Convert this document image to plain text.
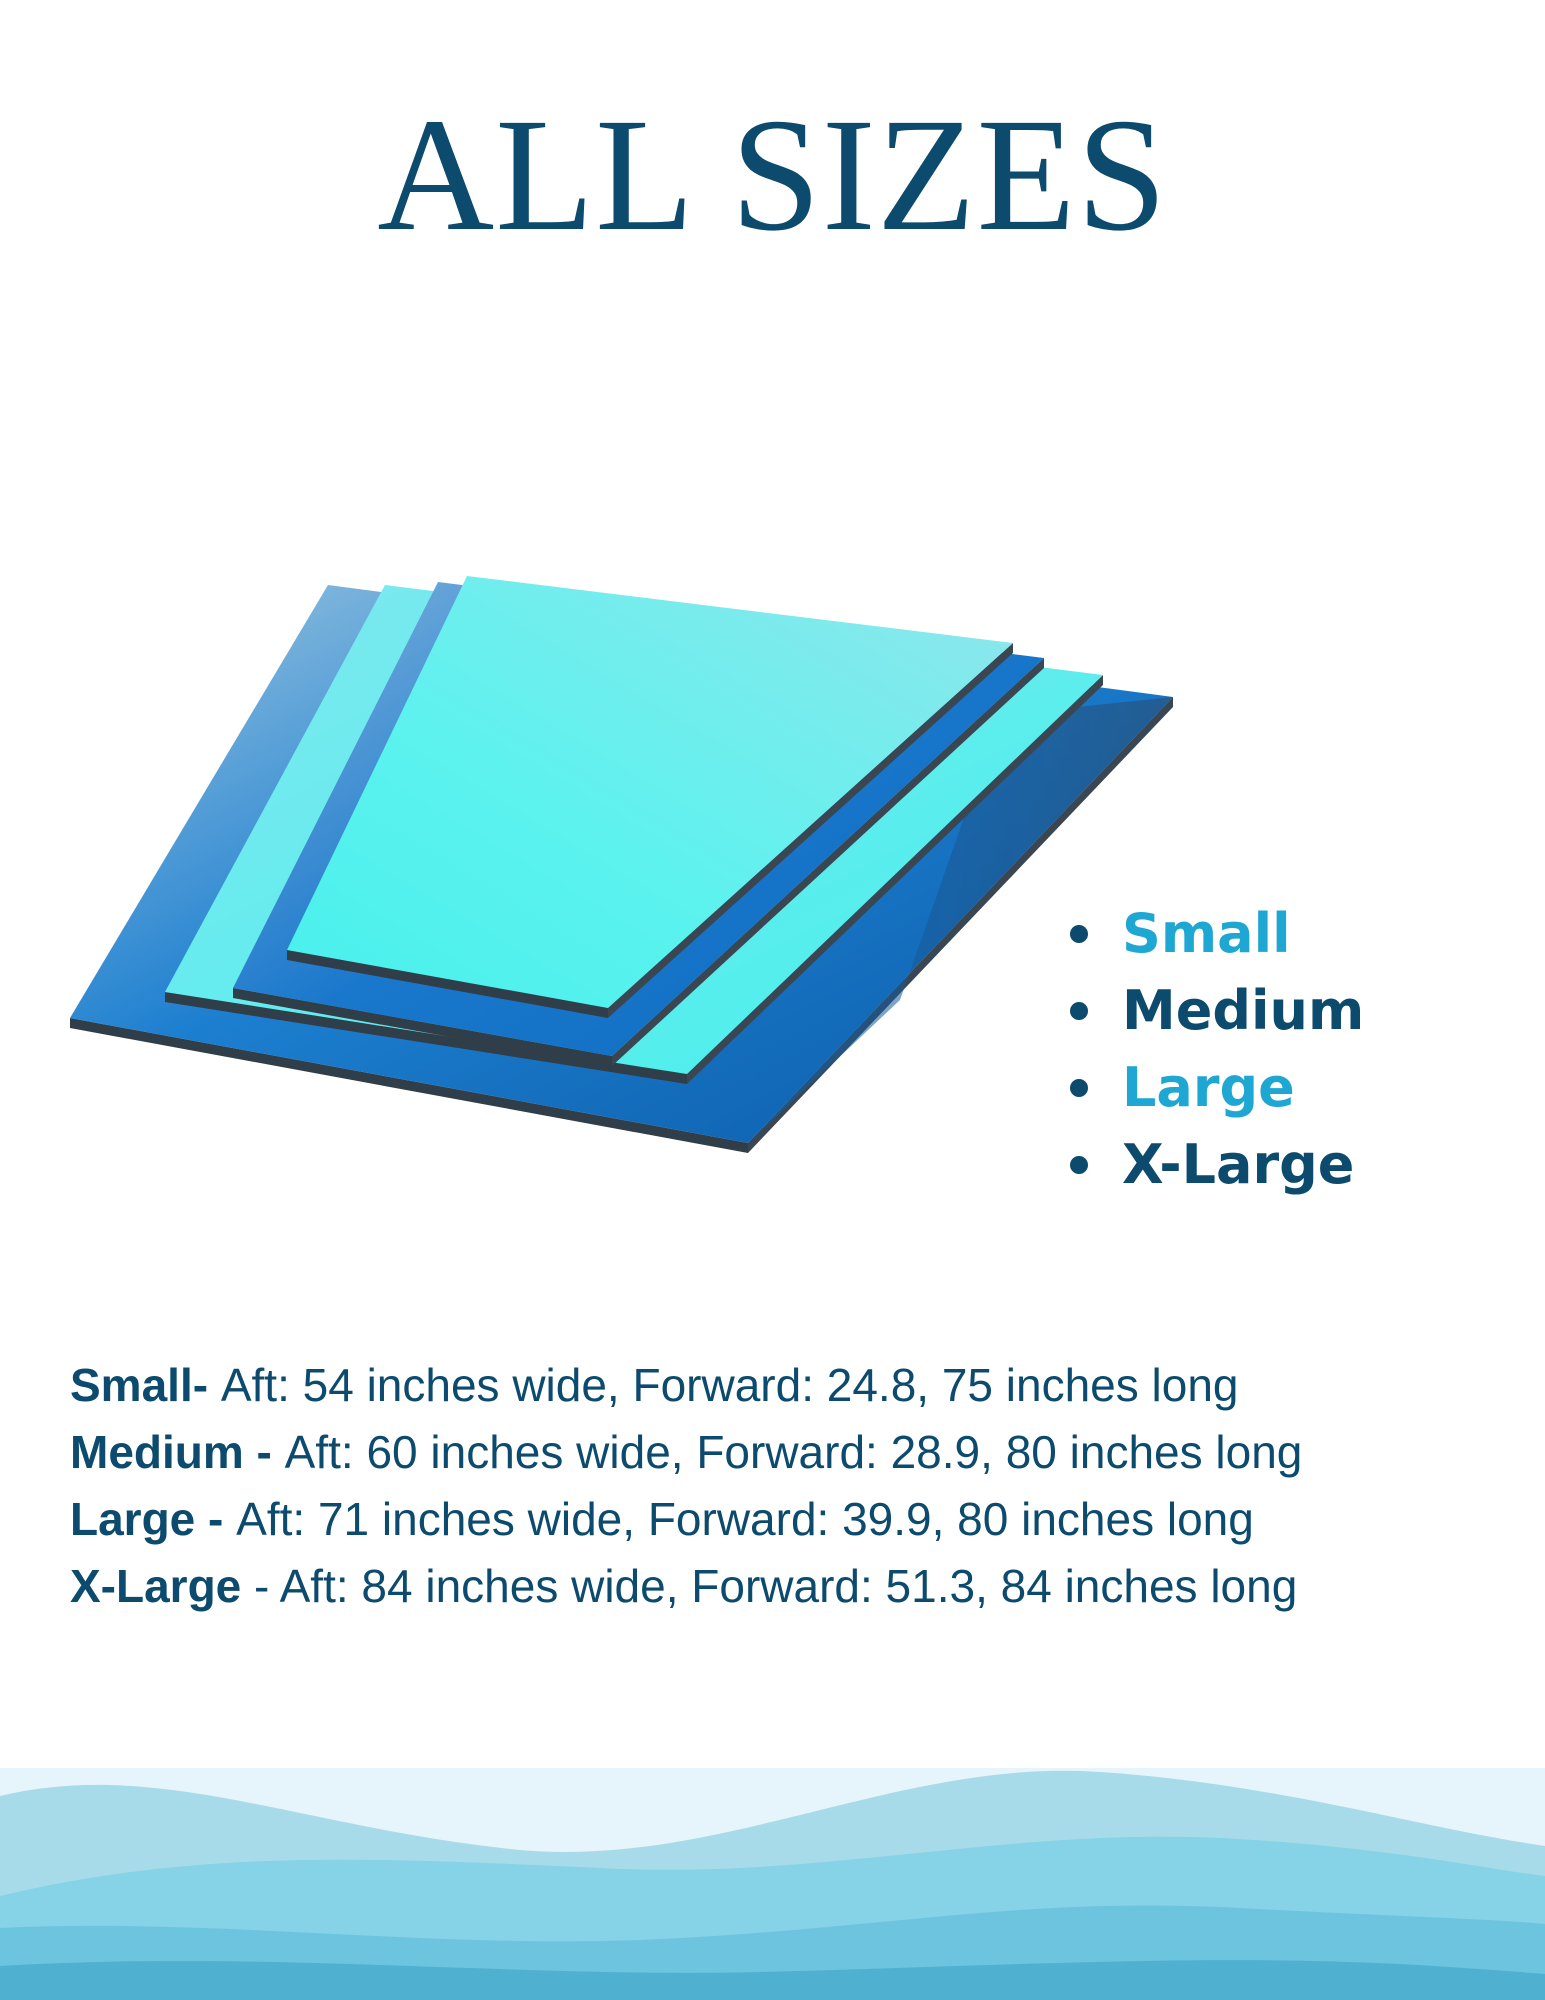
ALL SIZES
Small
Medium
Large
X-Large
Small- Aft: 54 inches wide, Forward: 24.8, 75 inches long
Medium - Aft: 60 inches wide, Forward: 28.9, 80 inches long
Large - Aft: 71 inches wide, Forward: 39.9, 80 inches long
X-Large - Aft: 84 inches wide, Forward: 51.3, 84 inches long
